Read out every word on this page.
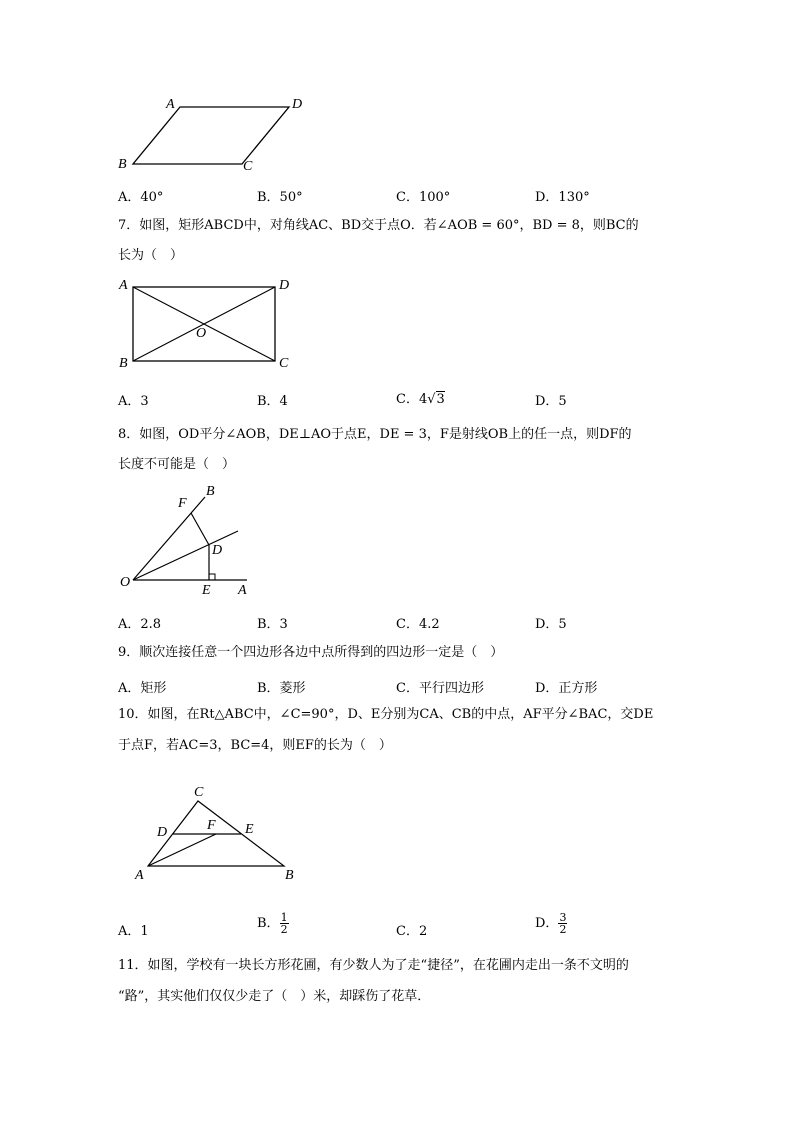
A	D
B	C
A．40°	B．50°	C．100°	D．130°
7．如图，矩形ABCD中，对角线AC、BD交于点O．若∠AOB = 60°，BD = 8，则BC的
长为（　）
A	D
B	C
O
A．3	B．4	C．4√3	D．5
8．如图，OD平分∠AOB，DE⊥AO于点E，DE = 3，F是射线OB上的任一点，则DF的
长度不可能是（　）
O
E A
D
F
B
A．2.8	B．3	C．4.2	D．5
9．顺次连接任意一个四边形各边中点所得到的四边形一定是（　）
A．矩形	B．菱形	C．平行四边形	D．正方形
10．如图，在Rt△ABC中，∠C=90°，D、E分别为CA、CB的中点，AF平分∠BAC，交DE
于点F，若AC=3，BC=4，则EF的长为（　）
C
D	F E
A	B
A．1
B． $\frac{1}{2}$	C．2
D． $\frac{3}{2}$
11．如图，学校有一块长方形花圃，有少数人为了走“捷径”，在花圃内走出一条不文明的
“路”，其实他们仅仅少走了（　）米，却踩伤了花草．
